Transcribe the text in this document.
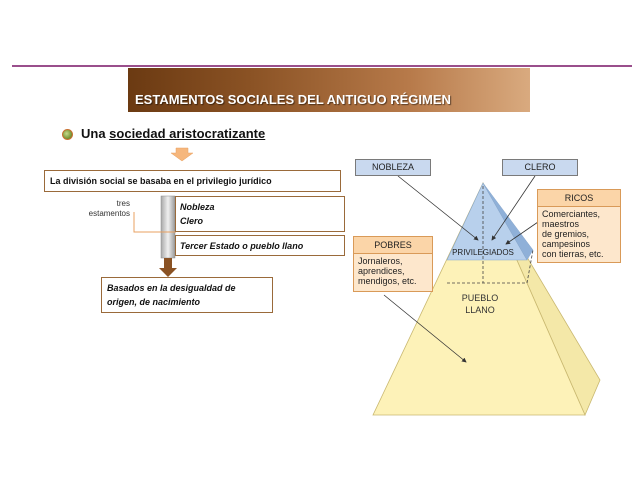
ESTAMENTOS SOCIALES DEL ANTIGUO RÉGIMEN
Una sociedad aristocratizante
La división social se basaba en el privilegio jurídico
tres
estamentos
Nobleza
Clero
Tercer Estado o pueblo llano
Basados en la desigualdad de
origen, de nacimiento
NOBLEZA	CLERO
PRIVILEGIADOS
PUEBLO
LLANO
RICOS
Comerciantes,
maestros
de gremios,
campesinos
con tierras, etc.
POBRES
Jornaleros,
aprendices,
mendigos, etc.
